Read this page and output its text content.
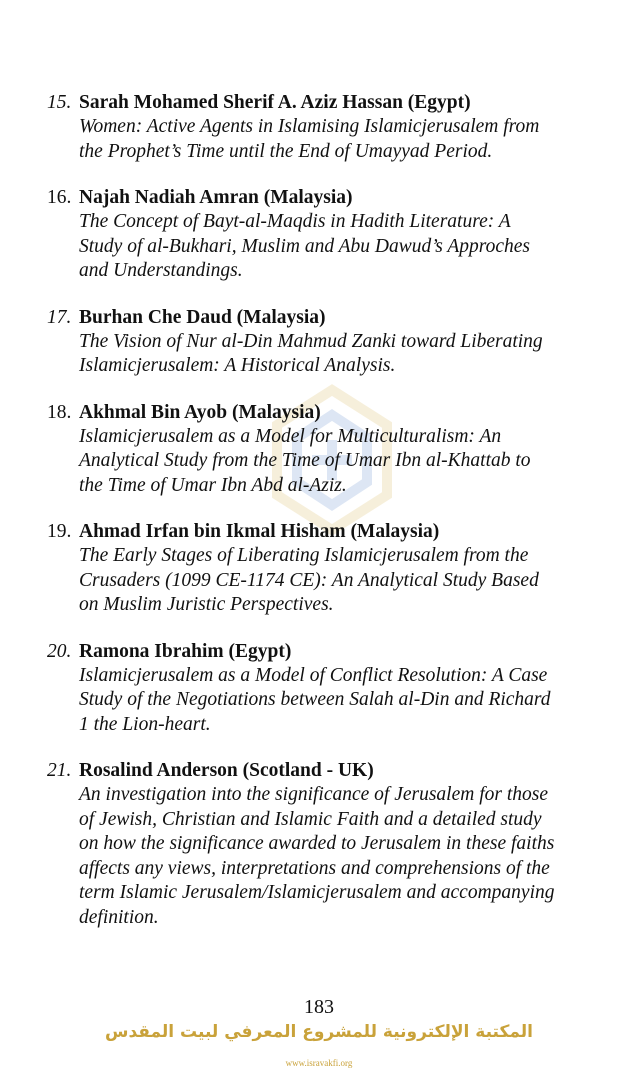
15. Sarah Mohamed Sherif A. Aziz Hassan (Egypt)
Women: Active Agents in Islamising Islamicjerusalem from
the Prophet’s Time until the End of Umayyad Period.
16. Najah Nadiah Amran (Malaysia)
The Concept of Bayt-al-Maqdis in Hadith Literature: A
Study of al-Bukhari, Muslim and Abu Dawud’s Approches
and Understandings.
17. Burhan Che Daud (Malaysia)
The Vision of Nur al-Din Mahmud Zanki toward Liberating
Islamicjerusalem: A Historical Analysis.
18. Akhmal Bin Ayob (Malaysia)
Islamicjerusalem as a Model for Multiculturalism: An
Analytical Study from the Time of Umar Ibn al-Khattab to
the Time of Umar Ibn Abd al-Aziz.
19. Ahmad Irfan bin Ikmal Hisham (Malaysia)
The Early Stages of Liberating Islamicjerusalem from the
Crusaders (1099 CE-1174 CE): An Analytical Study Based
on Muslim Juristic Perspectives.
20. Ramona Ibrahim (Egypt)
Islamicjerusalem as a Model of Conflict Resolution: A Case
Study of the Negotiations between Salah al-Din and Richard
1 the Lion-heart.
21. Rosalind Anderson (Scotland - UK)
An investigation into the significance of Jerusalem for those
of Jewish, Christian and Islamic Faith and a detailed study
on how the significance awarded to Jerusalem in these faiths
affects any views, interpretations and comprehensions of the
term Islamic Jerusalem/Islamicjerusalem and accompanying
definition.
183
المكتبة الإلكترونية للمشروع المعرفي لبيت المقدس
www.isravakfi.org
